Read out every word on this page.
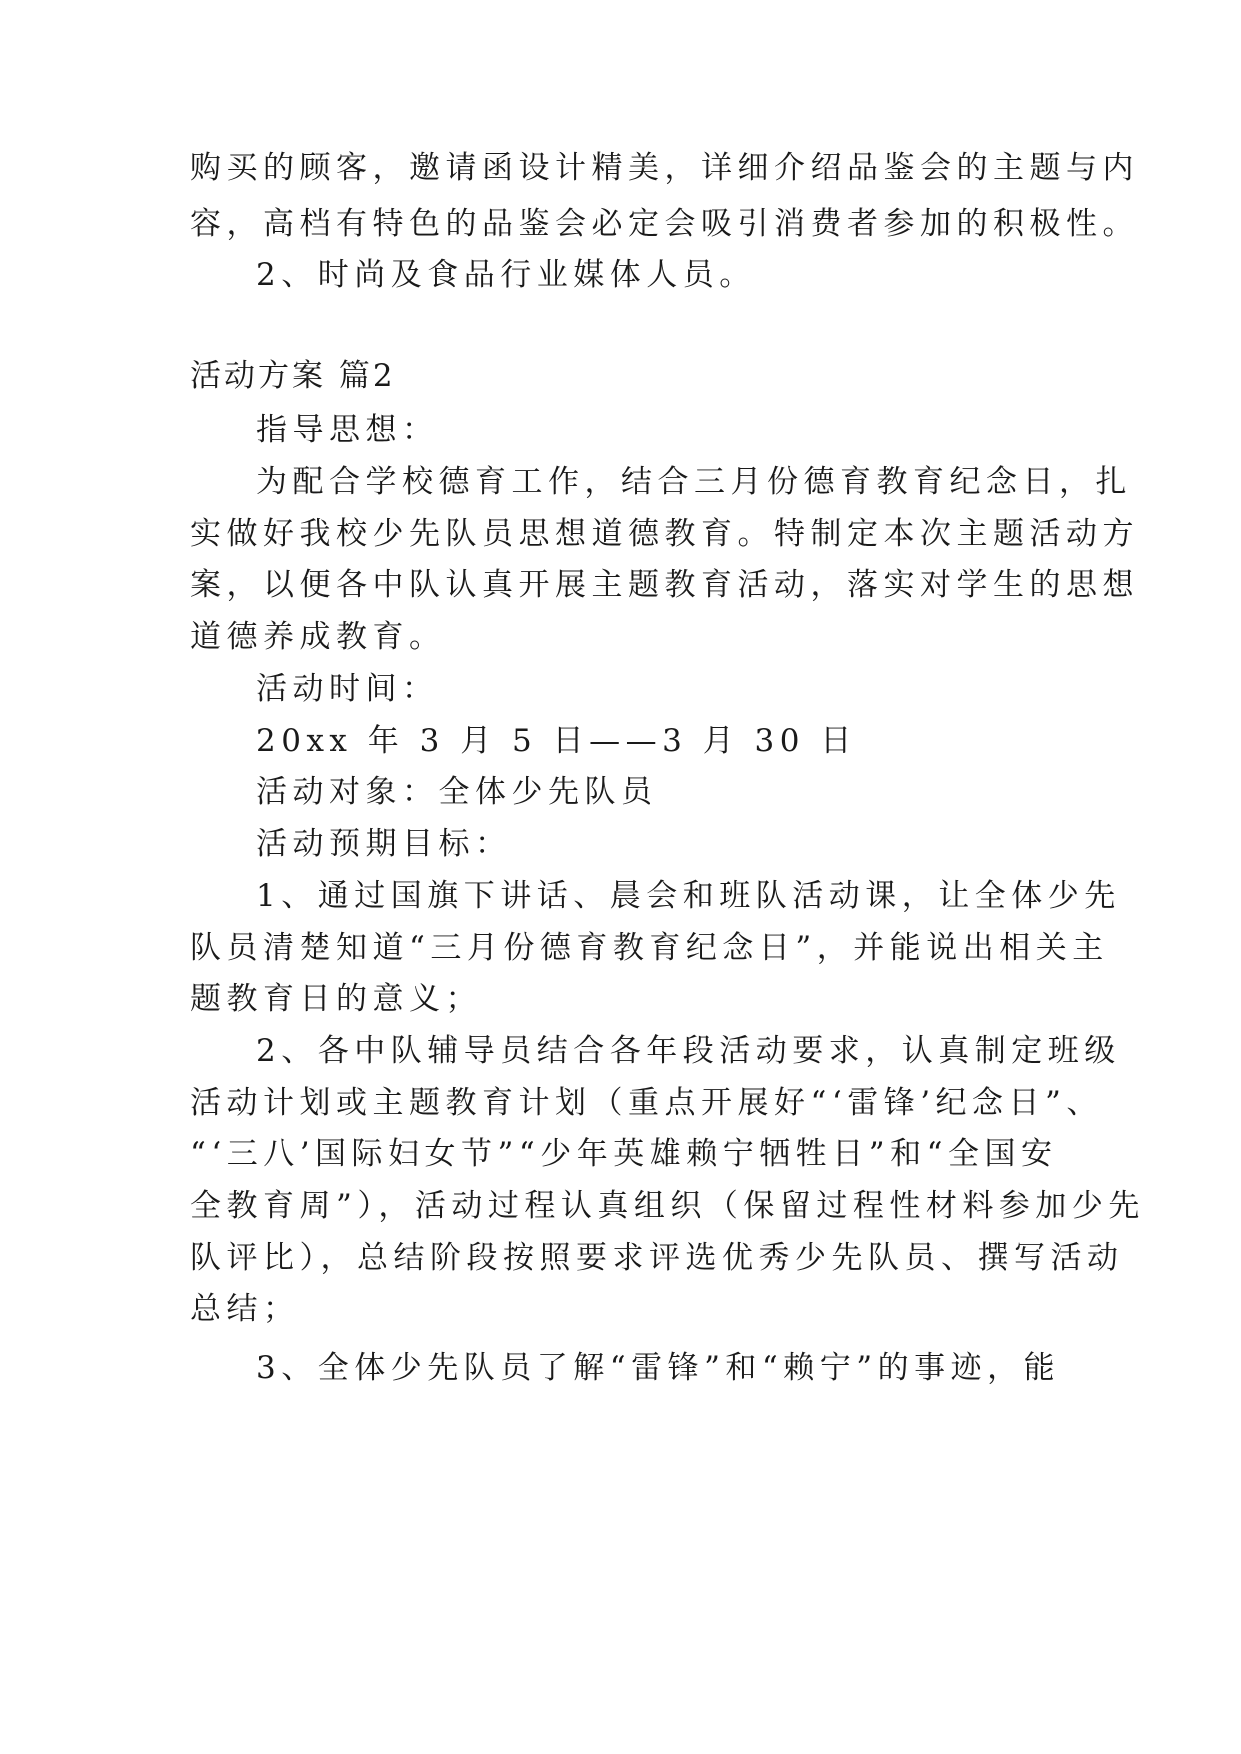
购买的顾客，邀请函设计精美，详细介绍品鉴会的主题与内
容，高档有特色的品鉴会必定会吸引消费者参加的积极性。
2、时尚及食品行业媒体人员。
活动方案 篇2
指导思想：
为配合学校德育工作，结合三月份德育教育纪念日，扎
实做好我校少先队员思想道德教育。特制定本次主题活动方
案，以便各中队认真开展主题教育活动，落实对学生的思想
道德养成教育。
活动时间：
20xx 年 3 月 5 日——3 月 30 日
活动对象：全体少先队员
活动预期目标：
1、通过国旗下讲话、晨会和班队活动课，让全体少先
队员清楚知道“三月份德育教育纪念日”，并能说出相关主
题教育日的意义；
2、各中队辅导员结合各年段活动要求，认真制定班级
活动计划或主题教育计划（重点开展好“‘雷锋’纪念日”、
“‘三八’国际妇女节”“少年英雄赖宁牺牲日”和“全国安
全教育周”），活动过程认真组织（保留过程性材料参加少先
队评比），总结阶段按照要求评选优秀少先队员、撰写活动
总结；
3、全体少先队员了解“雷锋”和“赖宁”的事迹，能
